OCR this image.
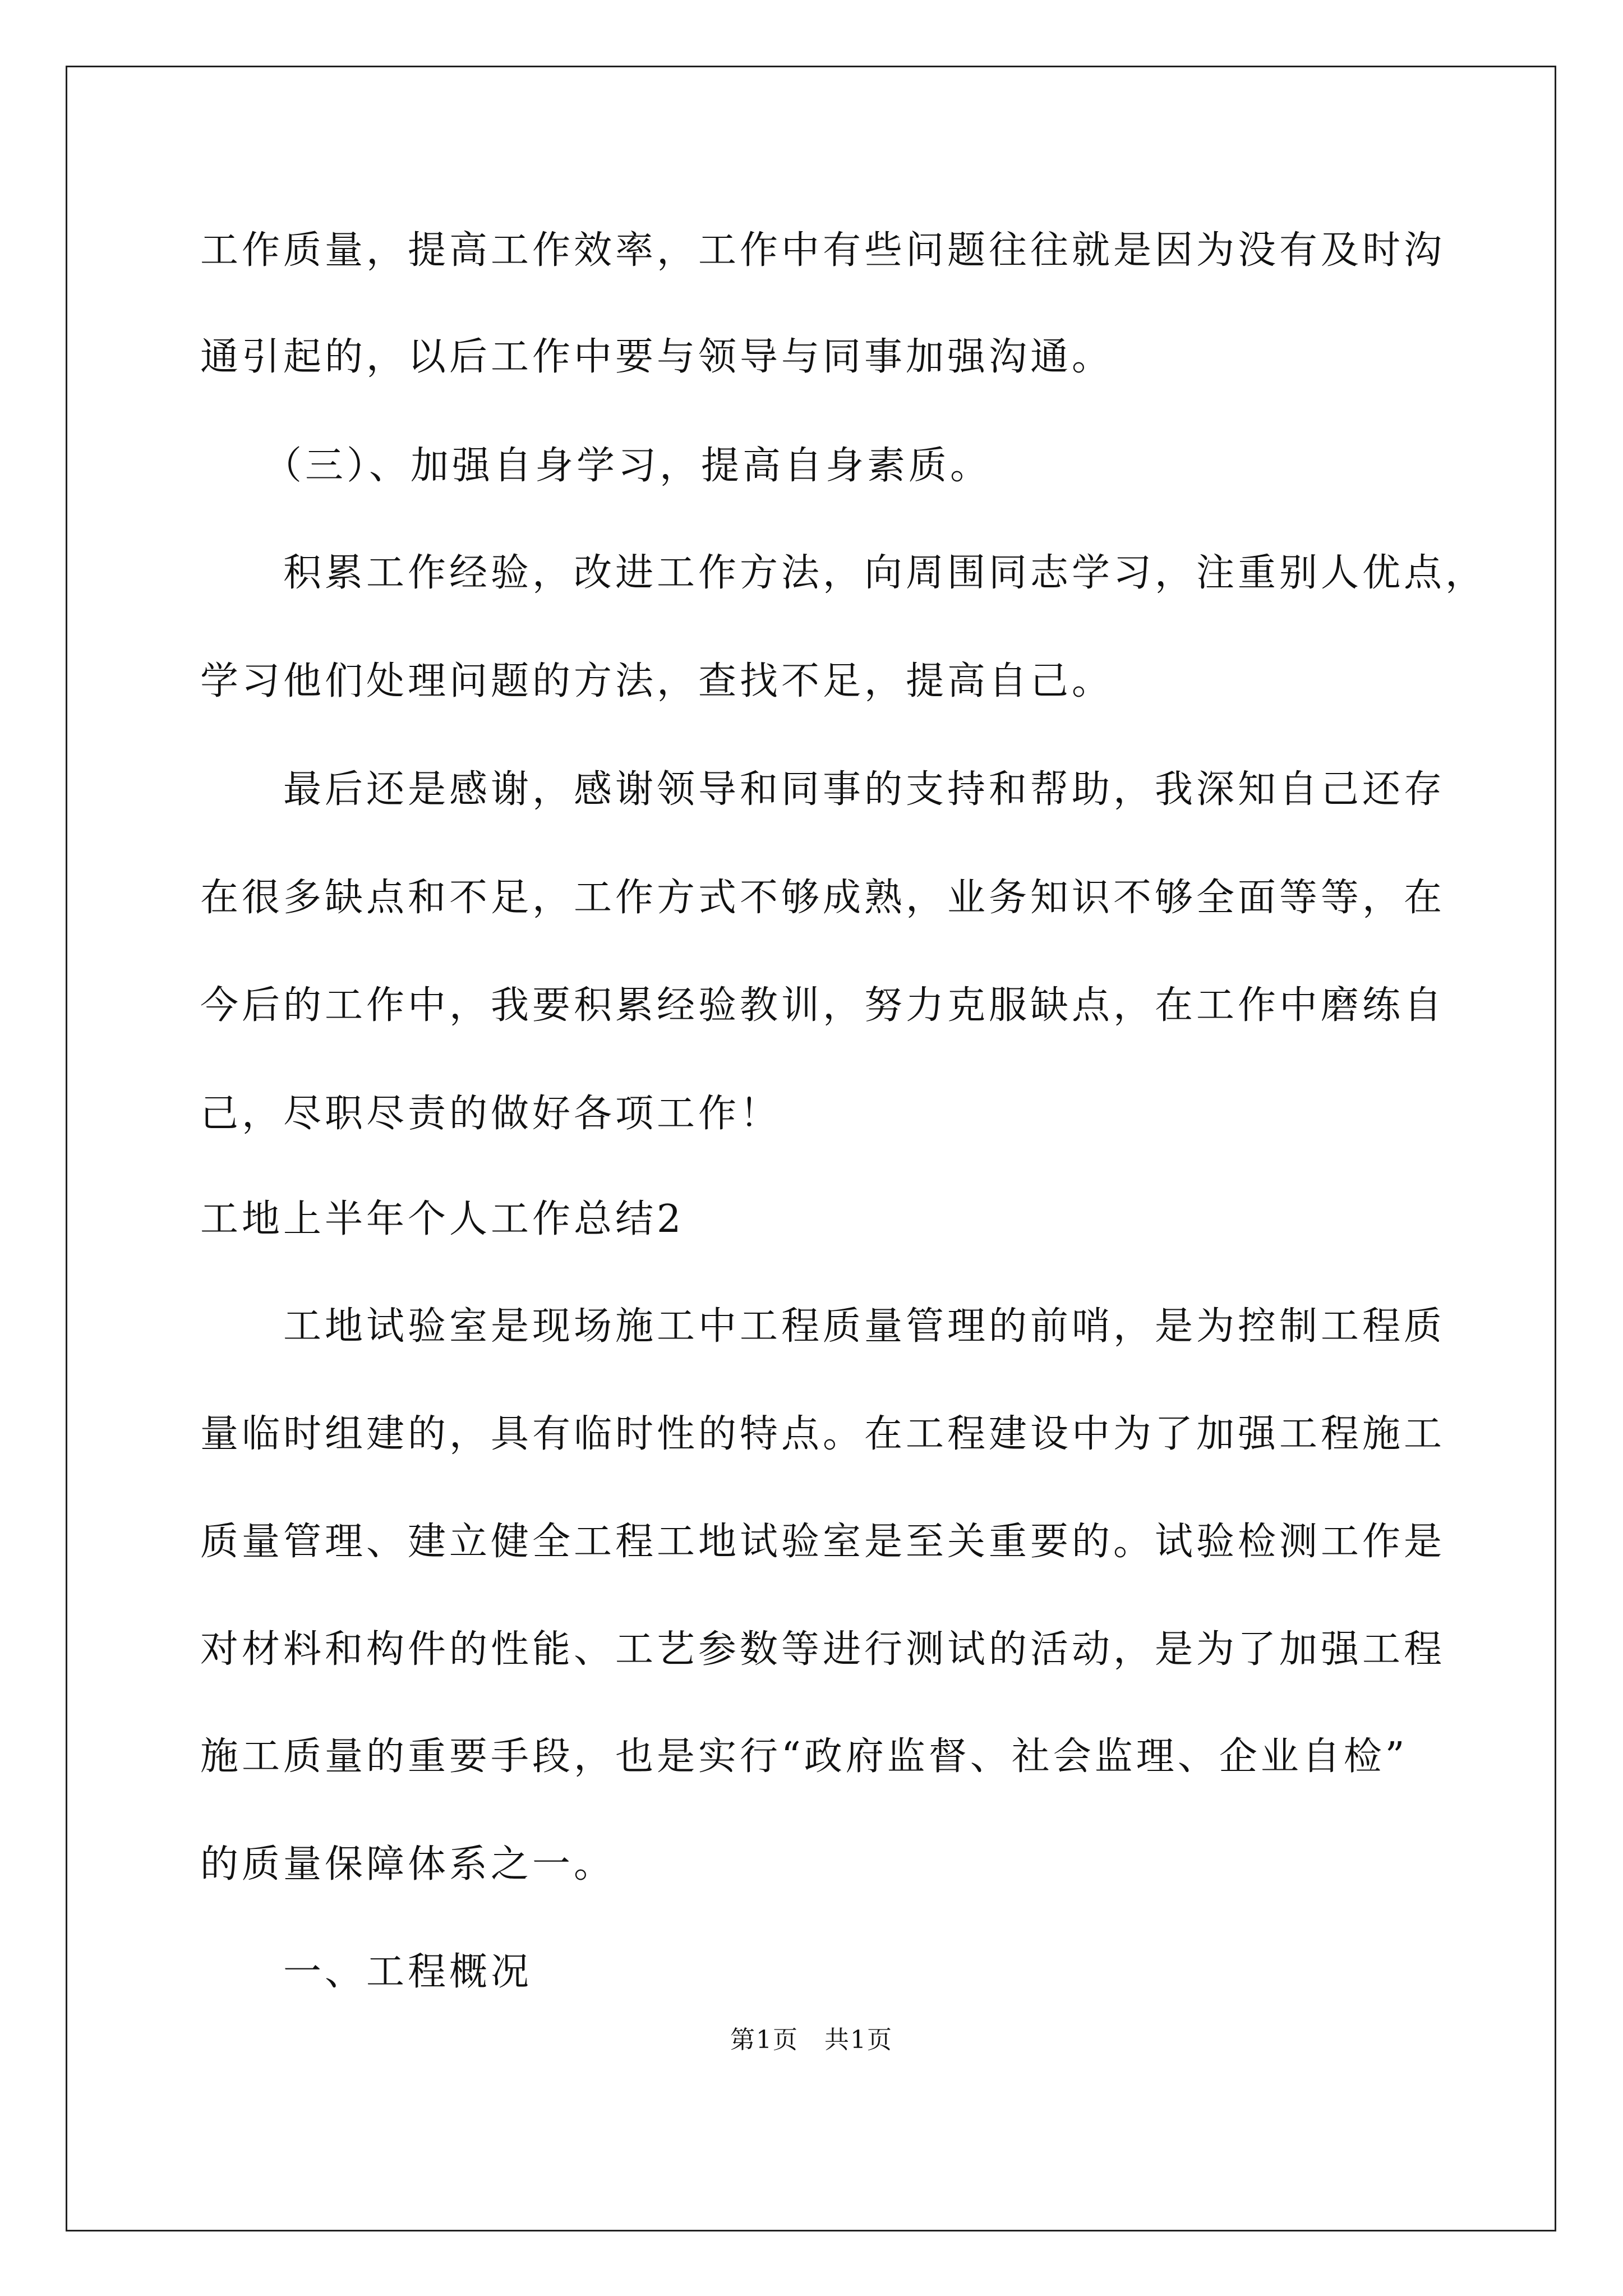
工作质量，提高工作效率，工作中有些问题往往就是因为没有及时沟
通引起的，以后工作中要与领导与同事加强沟通。
（三）、加强自身学习，提高自身素质。
积累工作经验，改进工作方法，向周围同志学习，注重别人优点，
学习他们处理问题的方法，查找不足，提高自己。
最后还是感谢，感谢领导和同事的支持和帮助，我深知自己还存
在很多缺点和不足，工作方式不够成熟，业务知识不够全面等等，在
今后的工作中，我要积累经验教训，努力克服缺点，在工作中磨练自
己，尽职尽责的做好各项工作！
工地上半年个人工作总结2
工地试验室是现场施工中工程质量管理的前哨，是为控制工程质
量临时组建的，具有临时性的特点。在工程建设中为了加强工程施工
质量管理、建立健全工程工地试验室是至关重要的。试验检测工作是
对材料和构件的性能、工艺参数等进行测试的活动，是为了加强工程
施工质量的重要手段，也是实行“政府监督、社会监理、企业自检”
的质量保障体系之一。
一、工程概况
第1页　共1页
